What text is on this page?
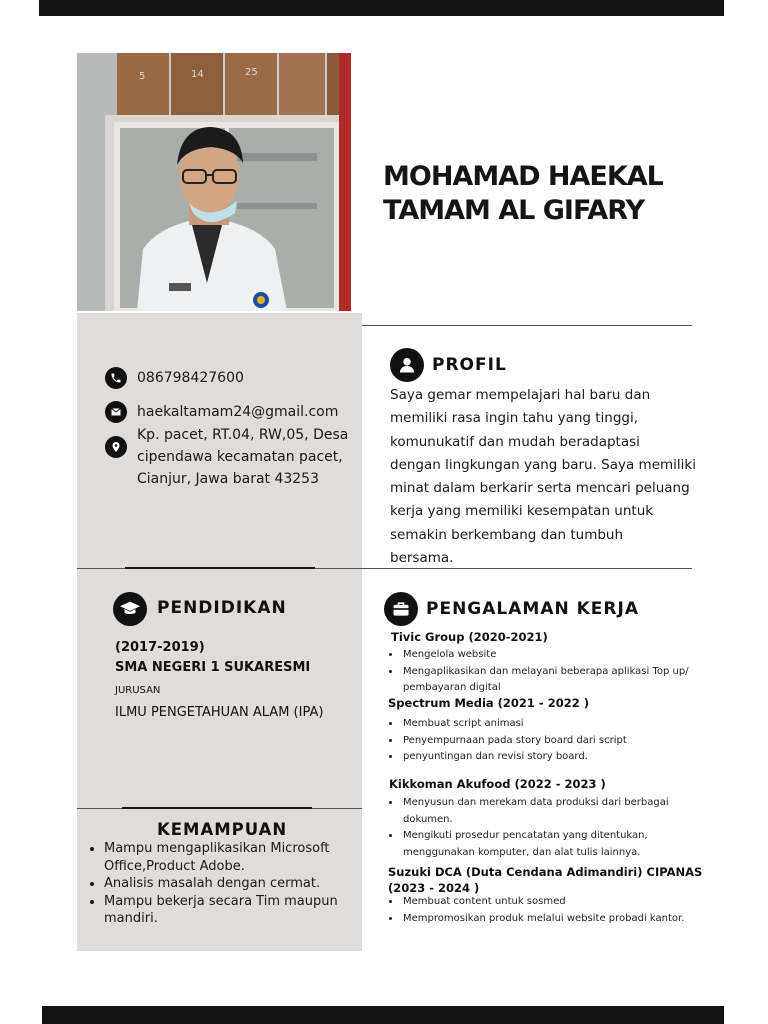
5	14	25
MOHAMAD HAEKAL
TAMAM AL GIFARY
086798427600
haekaltamam24@gmail.com
Kp. pacet, RT.04, RW,05, Desa
cipendawa kecamatan pacet,
Cianjur, Jawa barat 43253
PROFIL
Saya gemar mempelajari hal baru dan
memiliki rasa ingin tahu yang tinggi,
komunukatif dan mudah beradaptasi
dengan lingkungan yang baru. Saya memiliki
minat dalam berkarir serta mencari peluang
kerja yang memiliki kesempatan untuk
semakin berkembang dan tumbuh
bersama.
PENDIDIKAN
(2017-2019)
SMA NEGERI 1 SUKARESMI
JURUSAN
ILMU PENGETAHUAN ALAM (IPA)
PENGALAMAN KERJA
Tivic Group (2020-2021)
• Mengelola website
• Mengaplikasikan dan melayani beberapa aplikasi Top up/ pembayaran digital
Spectrum Media (2021 - 2022 )
• Membuat script animasi
• Penyempurnaan pada story board dari script
• penyuntingan dan revisi story board.
Kikkoman Akufood (2022 - 2023 )
• Menyusun dan merekam data produksi dari berbagai dokumen.
• Mengikuti prosedur pencatatan yang ditentukan, menggunakan komputer, dan alat tulis lainnya.
Suzuki DCA (Duta Cendana Adimandiri) CIPANAS (2023 - 2024 )
• Membuat content untuk sosmed
• Mempromosikan produk melalui website probadi kantor.
KEMAMPUAN
• Mampu mengaplikasikan Microsoft Office,Product Adobe.
• Analisis masalah dengan cermat.
• Mampu bekerja secara Tim maupun mandiri.
